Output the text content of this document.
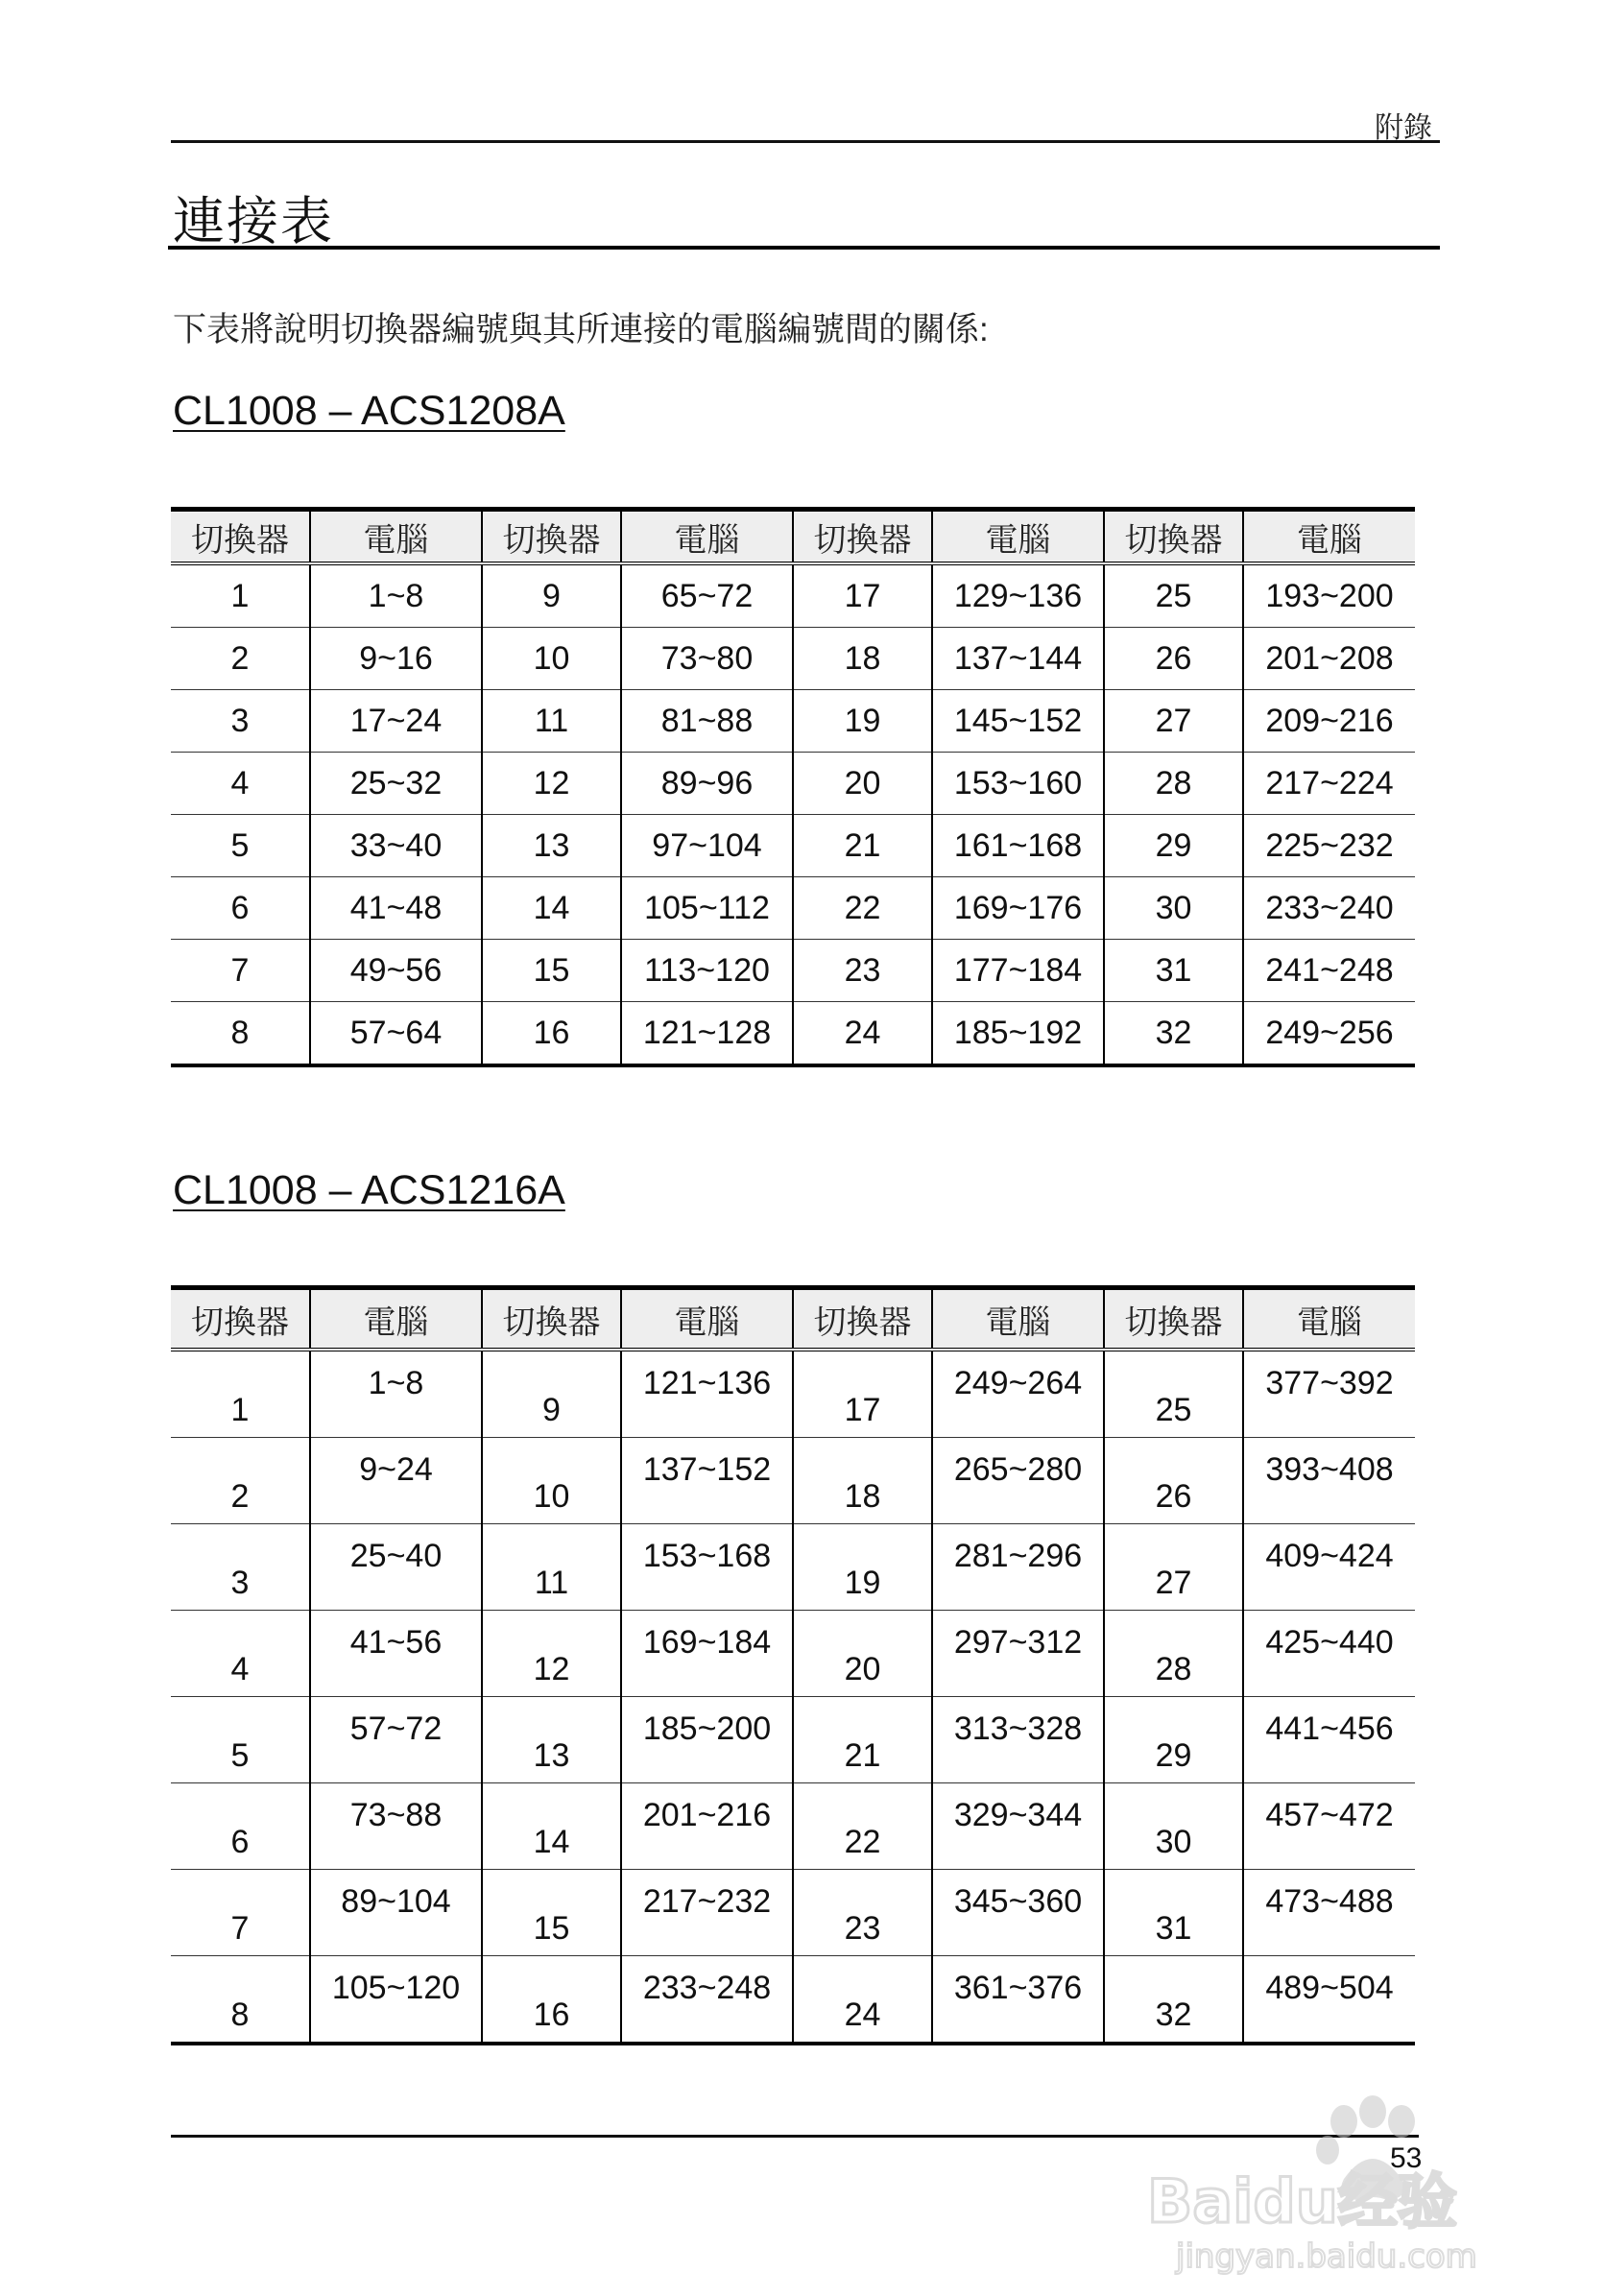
附錄
連接表
下表將說明切換器編號與其所連接的電腦編號間的關係:
CL1008 – ACS1208A
切換器	電腦	切換器	電腦	切換器	電腦	切換器	電腦
1	1~8	9	65~72	17	129~136	25	193~200
2	9~16	10	73~80	18	137~144	26	201~208
3	17~24	11	81~88	19	145~152	27	209~216
4	25~32	12	89~96	20	153~160	28	217~224
5	33~40	13	97~104	21	161~168	29	225~232
6	41~48	14	105~112	22	169~176	30	233~240
7	49~56	15	113~120	23	177~184	31	241~248
8	57~64	16	121~128	24	185~192	32	249~256
CL1008 – ACS1216A
切換器	電腦	切換器	電腦	切換器	電腦	切換器	電腦
1	1~8	9	121~136	17	249~264	25	377~392
2	9~24	10	137~152	18	265~280	26	393~408
3	25~40	11	153~168	19	281~296	27	409~424
4	41~56	12	169~184	20	297~312	28	425~440
5	57~72	13	185~200	21	313~328	29	441~456
6	73~88	14	201~216	22	329~344	30	457~472
7	89~104	15	217~232	23	345~360	31	473~488
8	105~120	16	233~248	24	361~376	32	489~504
53
Baidu经验
jingyan.baidu.com
